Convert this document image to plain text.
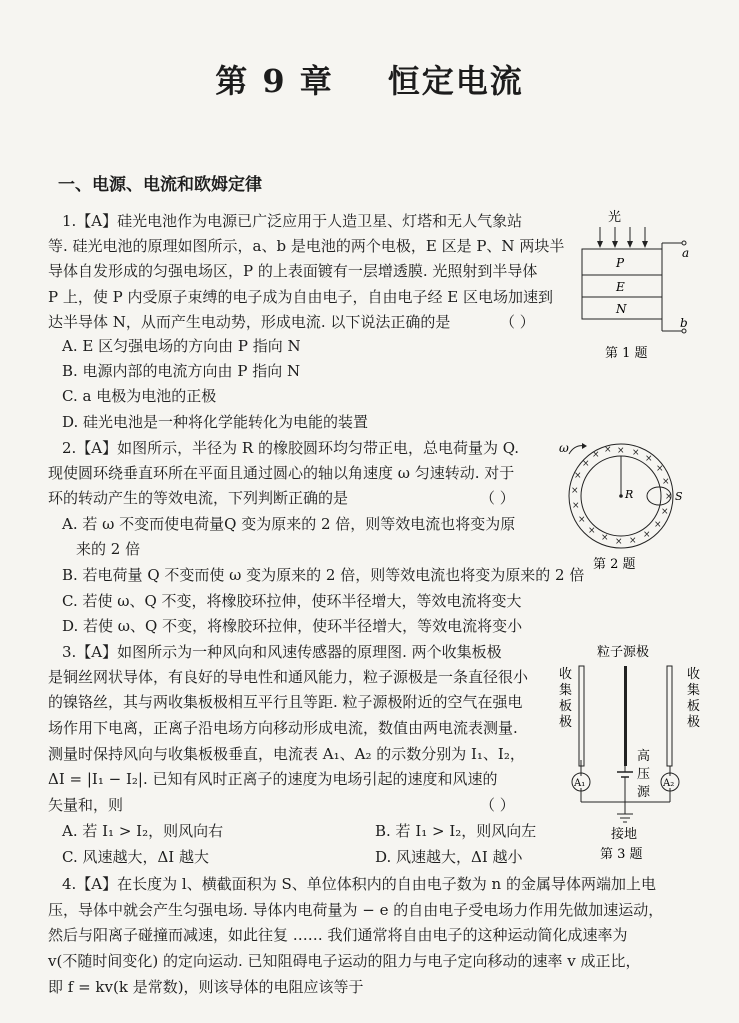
第 9 章 恒定电流
一、电源、电流和欧姆定律
1.【A】硅光电池作为电源已广泛应用于人造卫星、灯塔和无人气象站
等. 硅光电池的原理如图所示，a、b 是电池的两个电极，E 区是 P、N 两块半
导体自发形成的匀强电场区，P 的上表面镀有一层增透膜. 光照射到半导体
P 上，使 P 内受原子束缚的电子成为自由电子，自由电子经 E 区电场加速到
达半导体 N，从而产生电动势，形成电流. 以下说法正确的是	（ ）
A. E 区匀强电场的方向由 P 指向 N
B. 电源内部的电流方向由 P 指向 N
C. a 电极为电池的正极
D. 硅光电池是一种将化学能转化为电能的装置
光
P
E
N
a
b
第 1 题
2.【A】如图所示，半径为 R 的橡胶圆环均匀带正电，总电荷量为 Q.
现使圆环绕垂直环所在平面且通过圆心的轴以角速度 ω 匀速转动. 对于
环的转动产生的等效电流，下列判断正确的是	（ ）
A. 若 ω 不变而使电荷量Q 变为原来的 2 倍，则等效电流也将变为原
来的 2 倍
B. 若电荷量 Q 不变而使 ω 变为原来的 2 倍，则等效电流也将变为原来的 2 倍
C. 若使 ω、Q 不变，将橡胶环拉伸，使环半径增大，等效电流将变大
D. 若使 ω、Q 不变，将橡胶环拉伸，使环半径增大，等效电流将变小
× ×
×
×
×
×
×
×
×
×
×
×
×
×
×
×
×
×
× ×
R
ω
S
第 2 题
3.【A】如图所示为一种风向和风速传感器的原理图. 两个收集板极
是铜丝网状导体，有良好的导电性和通风能力，粒子源极是一条直径很小
的镍铬丝，其与两收集板极相互平行且等距. 粒子源极附近的空气在强电
场作用下电离，正离子沿电场方向移动形成电流，数值由两电流表测量.
测量时保持风向与收集板极垂直，电流表 A₁、A₂ 的示数分别为 I₁、I₂，
ΔI = |I₁ − I₂|. 已知有风时正离子的速度为电场引起的速度和风速的
矢量和，则	（ ）
A. 若 I₁ > I₂，则风向右	B. 若 I₁ > I₂，则风向左
C. 风速越大，ΔI 越大	D. 风速越大，ΔI 越小
粒子源极
收
集
板
极
收
集
板
极
A₁	A₂
高
压
源
接地
第 3 题
4.【A】在长度为 l、横截面积为 S、单位体积内的自由电子数为 n 的金属导体两端加上电
压，导体中就会产生匀强电场. 导体内电荷量为 − e 的自由电子受电场力作用先做加速运动，
然后与阳离子碰撞而减速，如此往复 …… 我们通常将自由电子的这种运动简化成速率为
v(不随时间变化) 的定向运动. 已知阻碍电子运动的阻力与电子定向移动的速率 v 成正比，
即 f = kv(k 是常数)，则该导体的电阻应该等于
